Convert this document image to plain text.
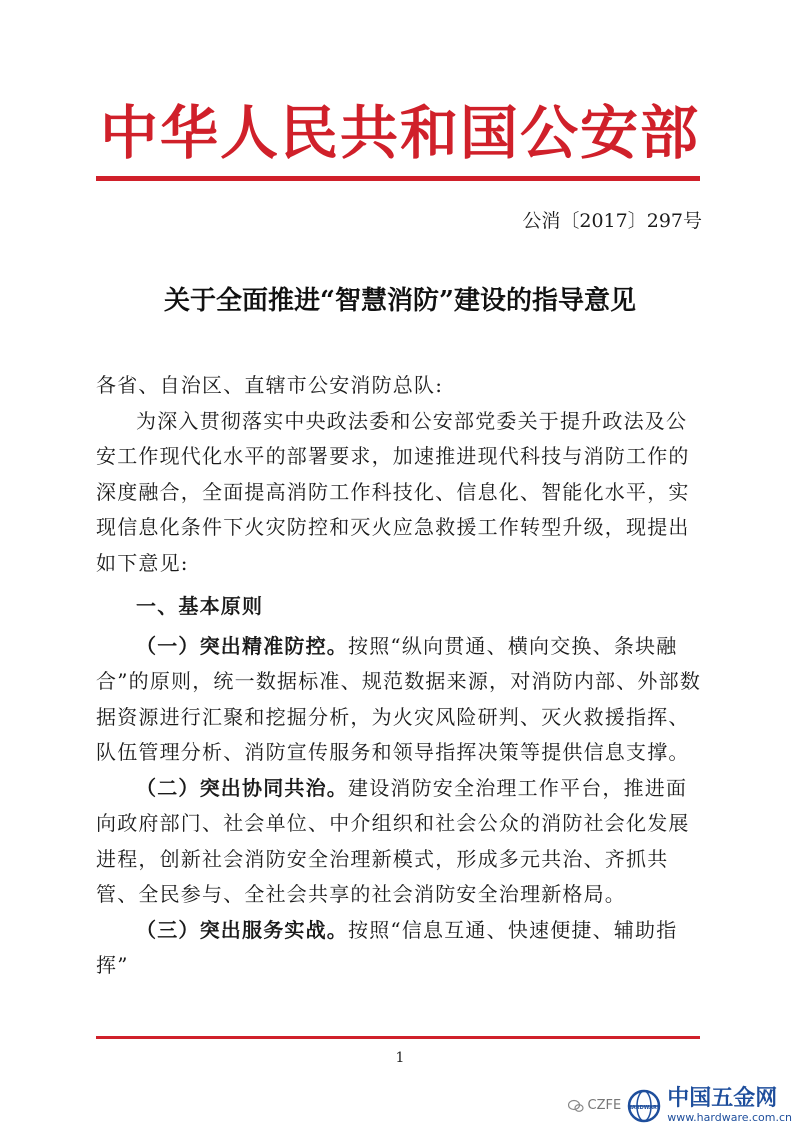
中华人民共和国公安部
公消〔2017〕297号
关于全面推进“智慧消防”建设的指导意见

各省、自治区、直辖市公安消防总队:

为深入贯彻落实中央政法委和公安部党委关于提升政法及公安工作现代化水平的部署要求，加速推进现代科技与消防工作的深度融合，全面提高消防工作科技化、信息化、智能化水平，实现信息化条件下火灾防控和灭火应急救援工作转型升级，现提出如下意见:

一、基本原则

（一）突出精准防控。按照“纵向贯通、横向交换、条块融合”的原则，统一数据标准、规范数据来源，对消防内部、外部数据资源进行汇聚和挖掘分析，为火灾风险研判、灭火救援指挥、队伍管理分析、消防宣传服务和领导指挥决策等提供信息支撑。

（二）突出协同共治。建设消防安全治理工作平台，推进面向政府部门、社会单位、中介组织和社会公众的消防社会化发展进程，创新社会消防安全治理新模式，形成多元共治、齐抓共管、全民参与、全社会共享的社会消防安全治理新格局。

（三）突出服务实战。按照“信息互通、快速便捷、辅助指挥”

1
CZFE HARDWARE 中国五金网
www.hardware.com.cn
